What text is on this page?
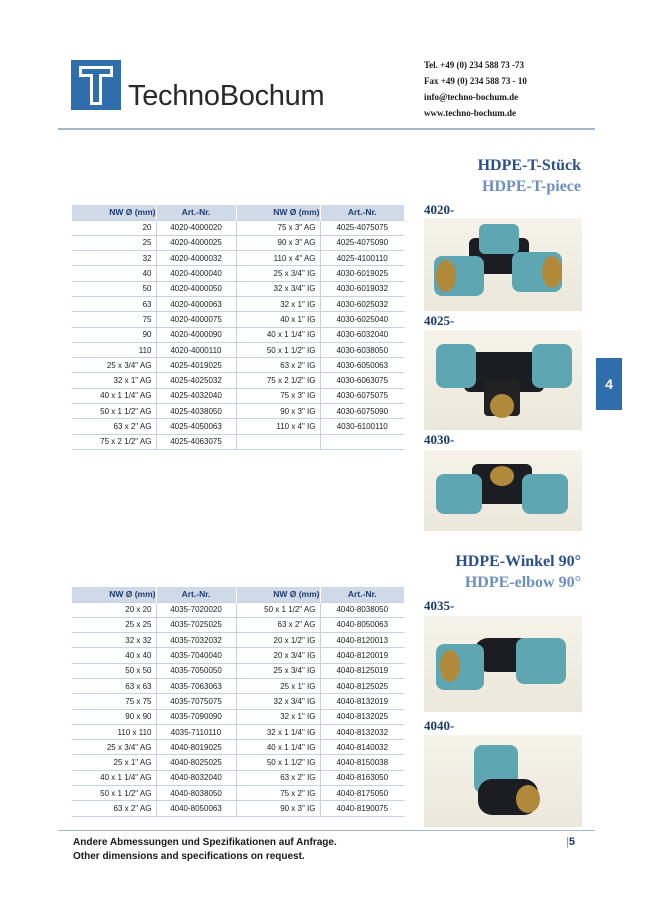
TechnoBochum
Tel. +49 (0) 234 588 73 -73
Fax +49 (0) 234 588 73 - 10
info@techno-bochum.de
www.techno-bochum.de
HDPE-T-Stück
HDPE-T-piece
4020-
4025-
4030-
4
NW Ø (mm)	Art.-Nr.	NW Ø (mm)	Art.-Nr.
20	4020-4000020	75 x 3" AG	4025-4075075
25	4020-4000025	90 x 3" AG	4025-4075090
32	4020-4000032	110 x 4" AG	4025-4100110
40	4020-4000040	25 x 3/4" IG	4030-6019025
50	4020-4000050	32 x 3/4" IG	4030-6019032
63	4020-4000063	32 x 1" IG	4030-6025032
75	4020-4000075	40 x 1" IG	4030-6025040
90	4020-4000090	40 x 1 1/4" IG	4030-6032040
110	4020-4000110	50 x 1 1/2" IG	4030-6038050
25 x 3/4" AG	4025-4019025	63 x 2" IG	4030-6050063
32 x 1" AG	4025-4025032	75 x 2 1/2" IG	4030-6063075
40 x 1 1/4" AG	4025-4032040	75 x 3" IG	4030-6075075
50 x 1 1/2" AG	4025-4038050	90 x 3" IG	4030-6075090
63 x 2" AG	4025-4050063	110 x 4" IG	4030-6100110
75 x 2 1/2" AG	4025-4063075		
HDPE-Winkel 90°
HDPE-elbow 90°
4035-
4040-
NW Ø (mm)	Art.-Nr.	NW Ø (mm)	Art.-Nr.
20 x 20	4035-7020020	50 x 1 1/2" AG	4040-8038050
25 x 25	4035-7025025	63 x 2" AG	4040-8050063
32 x 32	4035-7032032	20 x 1/2" IG	4040-8120013
40 x 40	4035-7040040	20 x 3/4" IG	4040-8120019
50 x 50	4035-7050050	25 x 3/4" IG	4040-8125019
63 x 63	4035-7063063	25 x 1" IG	4040-8125025
75 x 75	4035-7075075	32 x 3/4" IG	4040-8132019
90 x 90	4035-7090090	32 x 1" IG	4040-8132025
110 x 110	4035-7110110	32 x 1 1/4" IG	4040-8132032
25 x 3/4" AG	4040-8019025	40 x 1 1/4" IG	4040-8140032
25 x 1" AG	4040-8025025	50 x 1 1/2" IG	4040-8150038
40 x 1 1/4" AG	4040-8032040	63 x 2" IG	4040-8163050
50 x 1 1/2" AG	4040-8038050	75 x 2" IG	4040-8175050
63 x 2" AG	4040-8050063	90 x 3" IG	4040-8190075
Andere Abmessungen und Spezifikationen auf Anfrage.
Other dimensions and specifications on request.
|5
